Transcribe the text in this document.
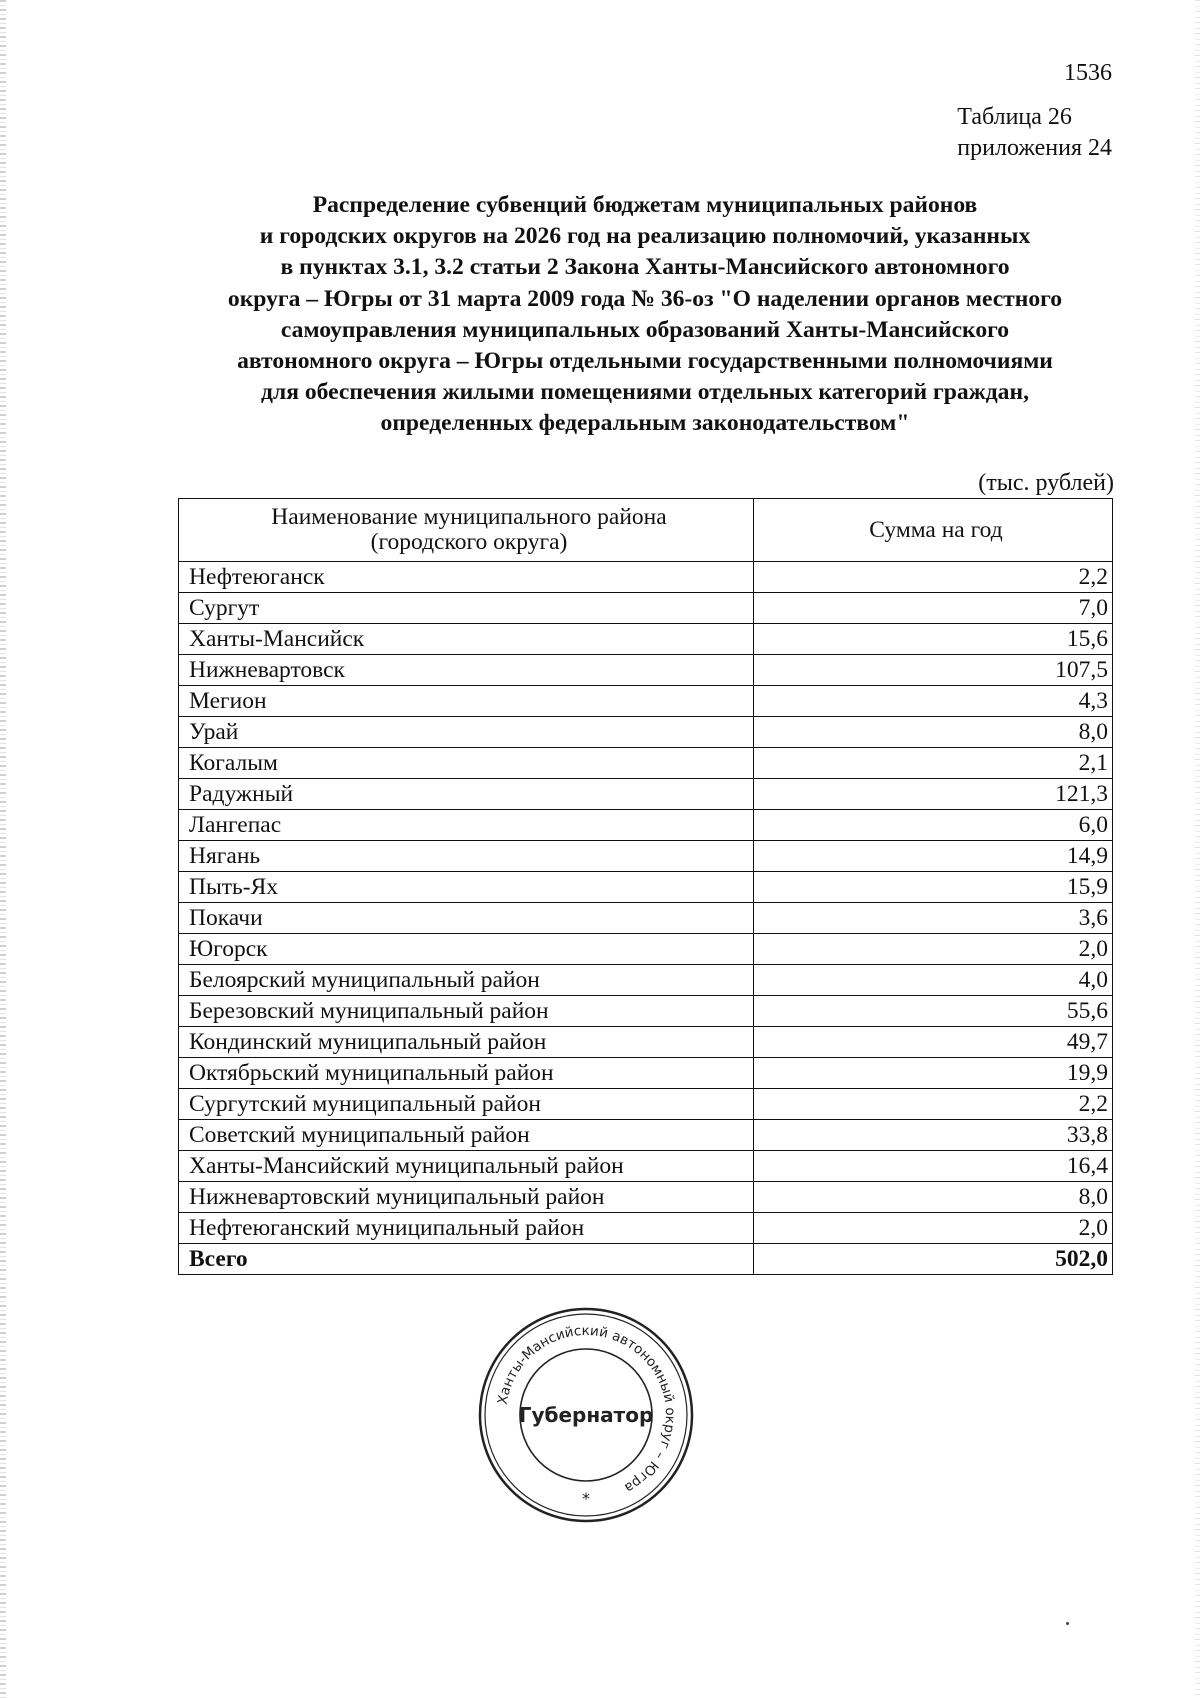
1536
Таблица 26
приложения 24
Распределение субвенций бюджетам муниципальных районов
и городских округов на 2026 год на реализацию полномочий, указанных
в пунктах 3.1, 3.2 статьи 2 Закона Ханты-Мансийского автономного
округа – Югры от 31 марта 2009 года № 36-оз "О наделении органов местного
самоуправления муниципальных образований Ханты-Мансийского
автономного округа – Югры отдельными государственными полномочиями
для обеспечения жилыми помещениями отдельных категорий граждан,
определенных федеральным законодательством"
(тыс. рублей)
Наименование муниципального района
(городского округа)	Сумма на год
Нефтеюганск	2,2
Сургут	7,0
Ханты-Мансийск	15,6
Нижневартовск	107,5
Мегион	4,3
Урай	8,0
Когалым	2,1
Радужный	121,3
Лангепас	6,0
Нягань	14,9
Пыть-Ях	15,9
Покачи	3,6
Югорск	2,0
Белоярский муниципальный район	4,0
Березовский муниципальный район	55,6
Кондинский муниципальный район	49,7
Октябрьский муниципальный район	19,9
Сургутский муниципальный район	2,2
Советский муниципальный район	33,8
Ханты-Мансийский муниципальный район	16,4
Нижневартовский муниципальный район	8,0
Нефтеюганский муниципальный район	2,0
Всего	502,0
Ханты-Мансийский автономный округ – Югра
Губернатор
*
